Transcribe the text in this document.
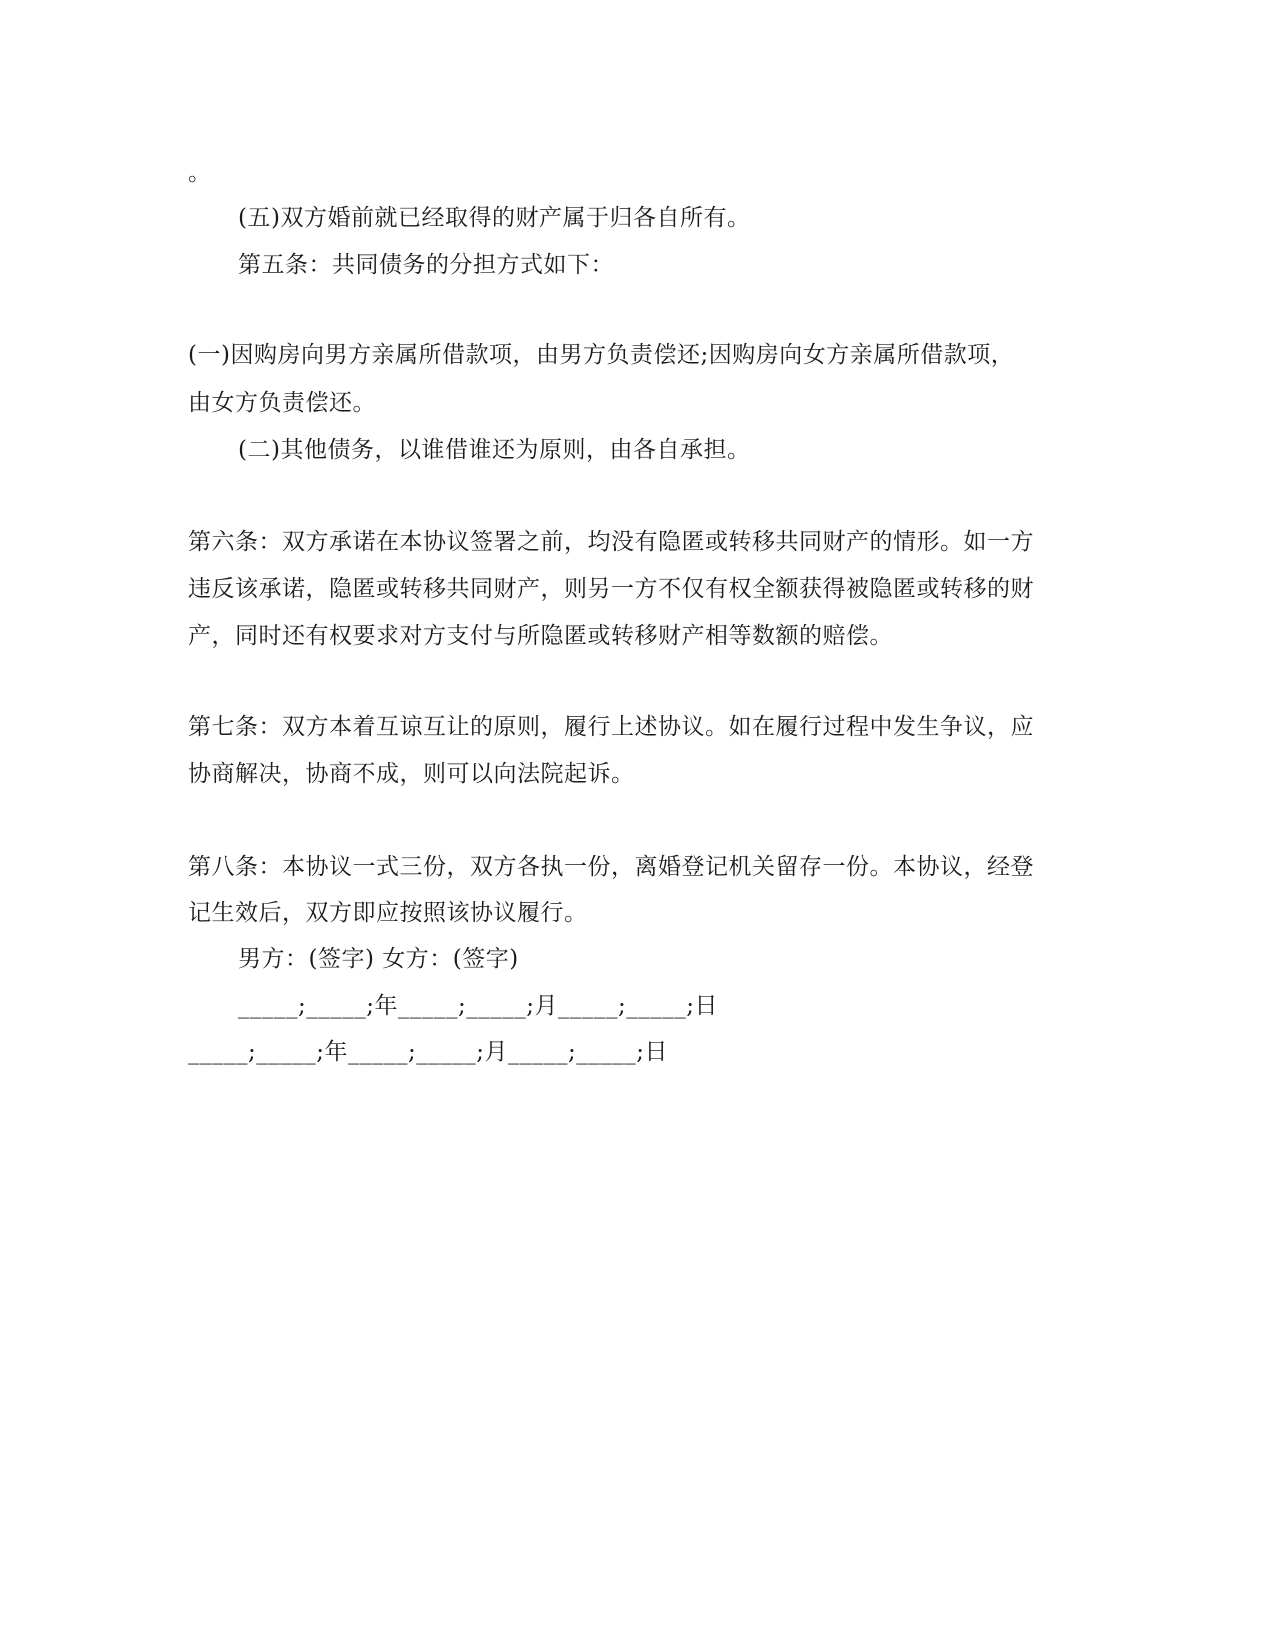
。
(五)双方婚前就已经取得的财产属于归各自所有。
第五条：共同债务的分担方式如下：
(一)因购房向男方亲属所借款项，由男方负责偿还;因购房向女方亲属所借款项，
由女方负责偿还。
(二)其他债务，以谁借谁还为原则，由各自承担。
第六条：双方承诺在本协议签署之前，均没有隐匿或转移共同财产的情形。如一方
违反该承诺，隐匿或转移共同财产，则另一方不仅有权全额获得被隐匿或转移的财
产，同时还有权要求对方支付与所隐匿或转移财产相等数额的赔偿。
第七条：双方本着互谅互让的原则，履行上述协议。如在履行过程中发生争议，应
协商解决，协商不成，则可以向法院起诉。
第八条：本协议一式三份，双方各执一份，离婚登记机关留存一份。本协议，经登
记生效后，双方即应按照该协议履行。
男方：(签字) 女方：(签字)
_____;_____;年_____;_____;月_____;_____;日
_____;_____;年_____;_____;月_____;_____;日
